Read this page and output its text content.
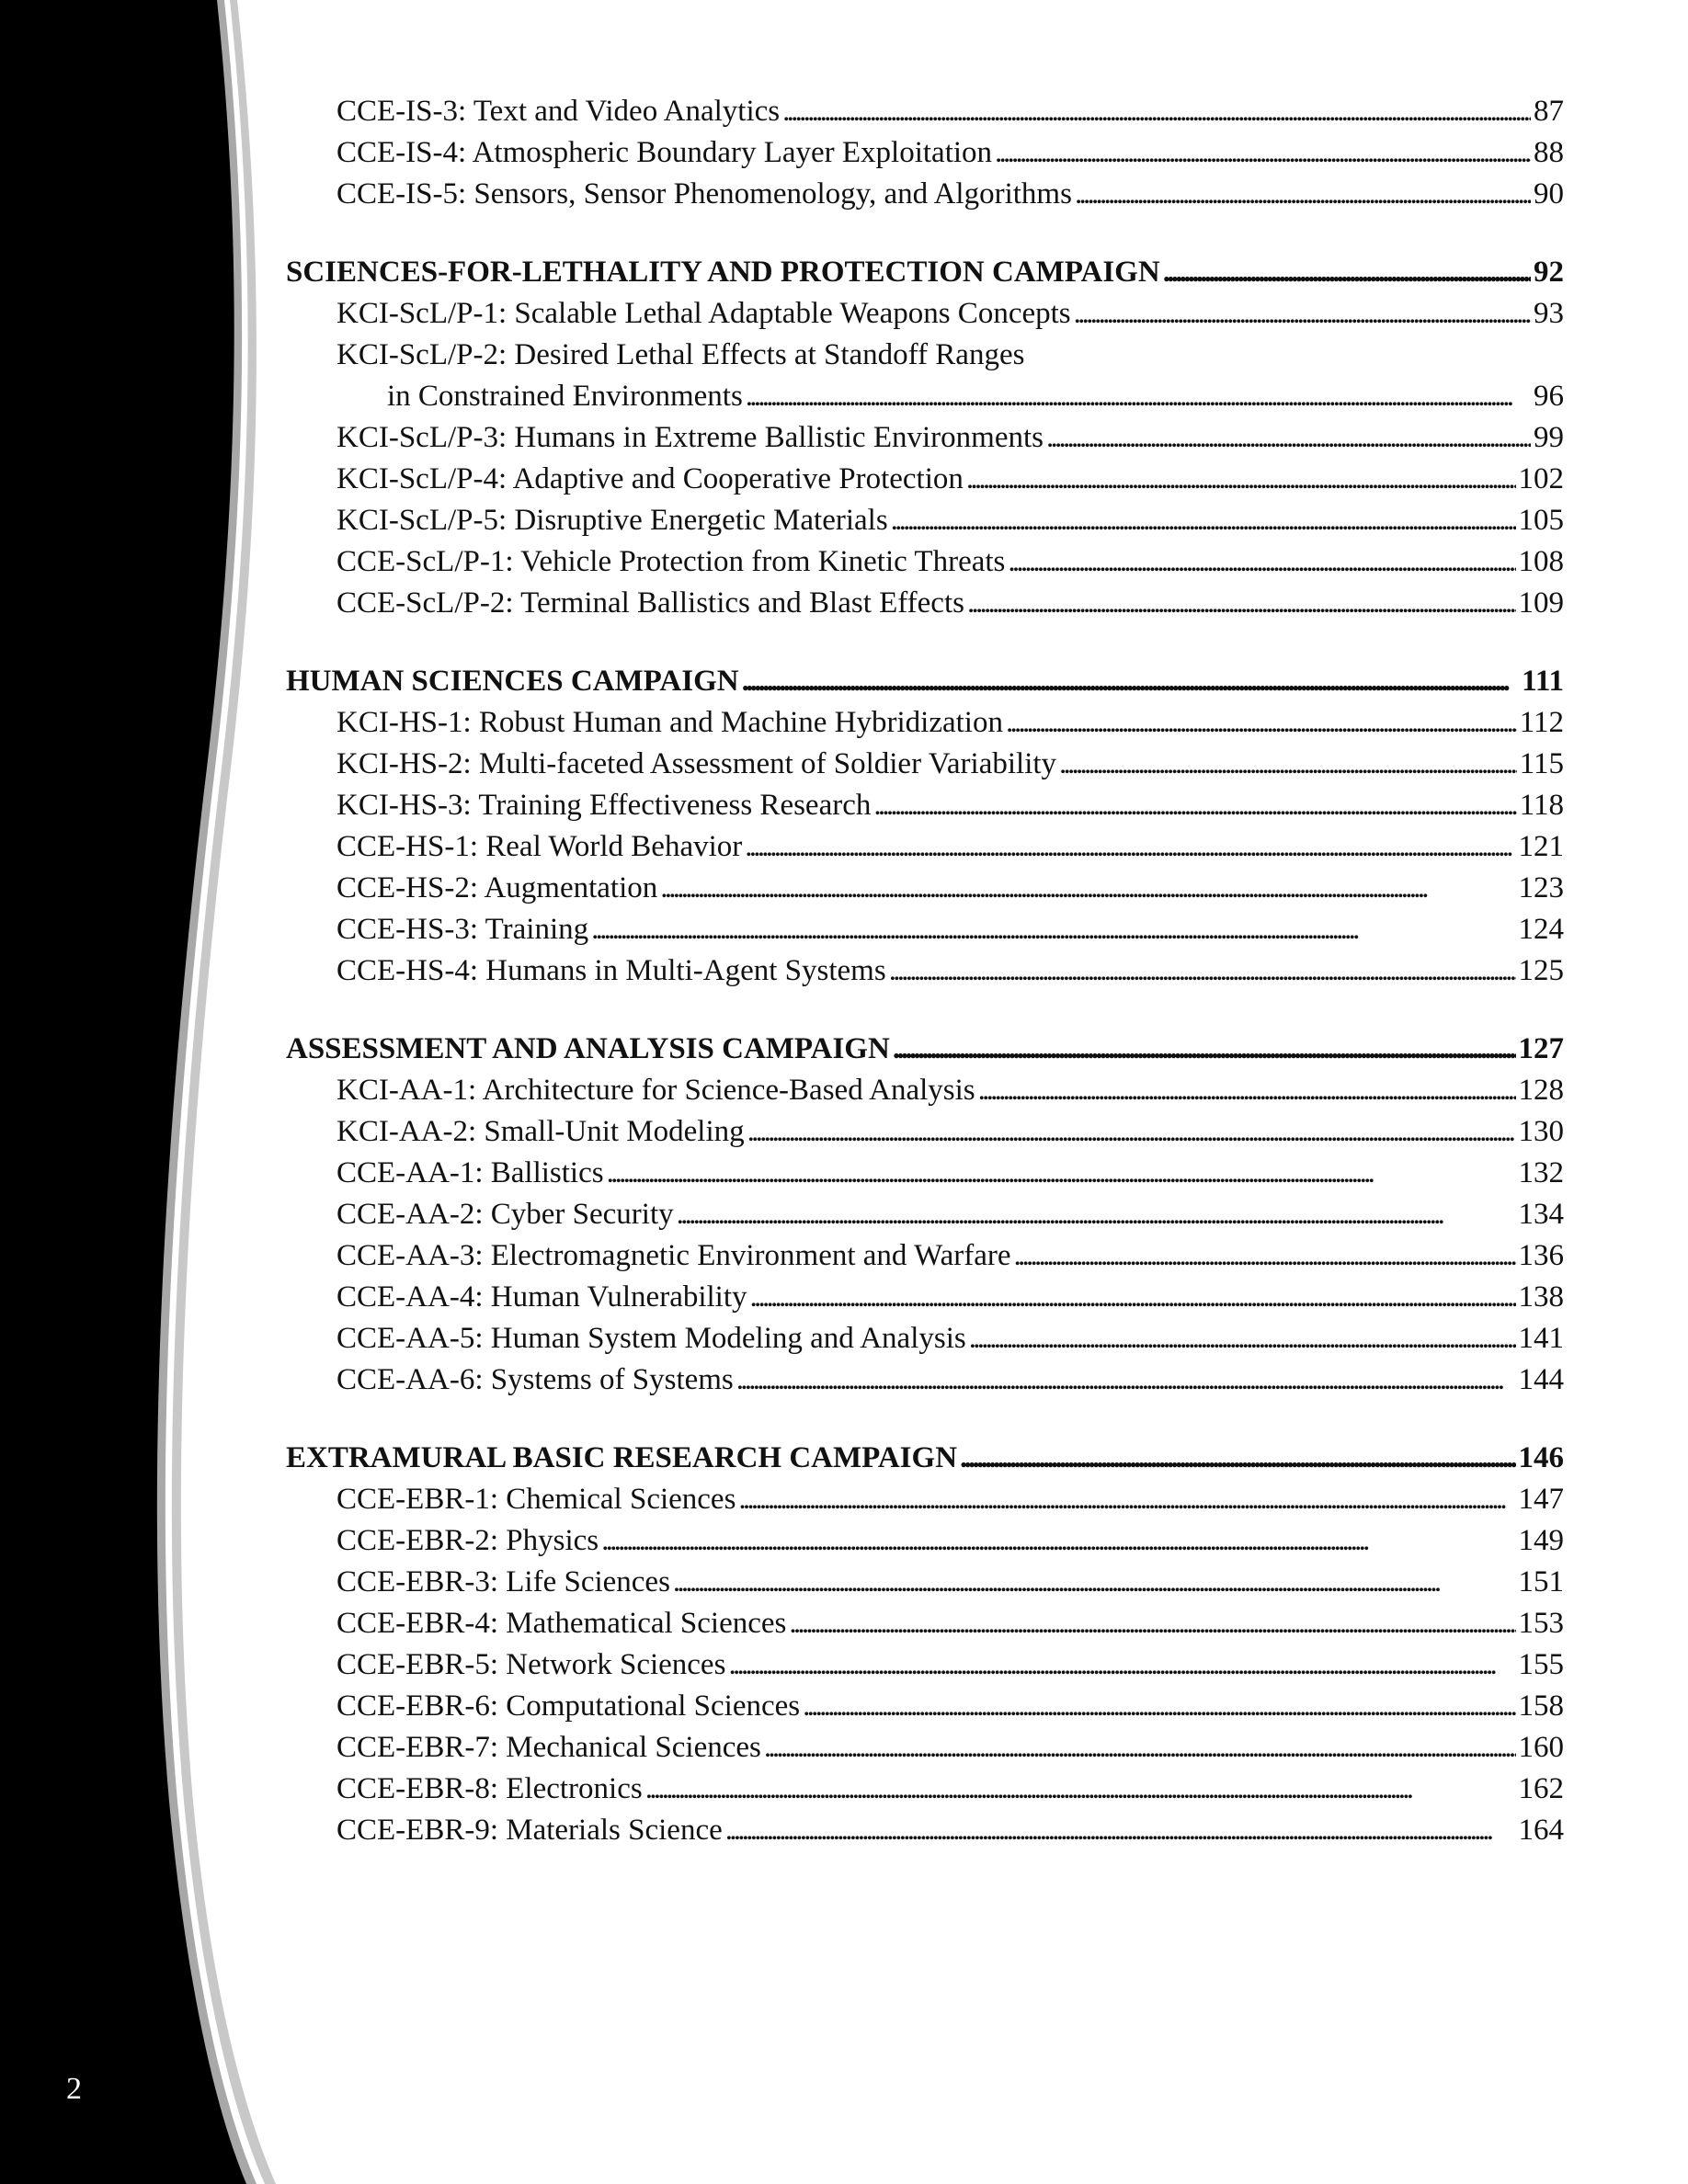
2
CCE-IS-3: Text and Video Analytics . . .	87
CCE-IS-4: Atmospheric Boundary Layer Exploitation . . .	88
CCE-IS-5: Sensors, Sensor Phenomenology, and Algorithms . . .	90
SCIENCES-FOR-LETHALITY AND PROTECTION CAMPAIGN . . .	92
KCI-ScL/P-1: Scalable Lethal Adaptable Weapons Concepts . . .	93
KCI-ScL/P-2: Desired Lethal Effects at Standoff Ranges
in Constrained Environments . . .	96
KCI-ScL/P-3: Humans in Extreme Ballistic Environments . . .	99
KCI-ScL/P-4: Adaptive and Cooperative Protection . . .	102
KCI-ScL/P-5: Disruptive Energetic Materials . . .	105
CCE-ScL/P-1: Vehicle Protection from Kinetic Threats . . .	108
CCE-ScL/P-2: Terminal Ballistics and Blast Effects . . .	109
HUMAN SCIENCES CAMPAIGN . . .	111
KCI-HS-1: Robust Human and Machine Hybridization . . .	112
KCI-HS-2: Multi-faceted Assessment of Soldier Variability . . .	115
KCI-HS-3: Training Effectiveness Research . . .	118
CCE-HS-1: Real World Behavior . . .	121
CCE-HS-2: Augmentation . . .	123
CCE-HS-3: Training . . .	124
CCE-HS-4: Humans in Multi-Agent Systems . . .	125
ASSESSMENT AND ANALYSIS CAMPAIGN . . .	127
KCI-AA-1: Architecture for Science-Based Analysis . . .	128
KCI-AA-2: Small-Unit Modeling . . .	130
CCE-AA-1: Ballistics . . .	132
CCE-AA-2: Cyber Security . . .	134
CCE-AA-3: Electromagnetic Environment and Warfare . . .	136
CCE-AA-4: Human Vulnerability . . .	138
CCE-AA-5: Human System Modeling and Analysis . . .	141
CCE-AA-6: Systems of Systems . . .	144
EXTRAMURAL BASIC RESEARCH CAMPAIGN . . .	146
CCE-EBR-1: Chemical Sciences . . .	147
CCE-EBR-2: Physics . . .	149
CCE-EBR-3: Life Sciences . . .	151
CCE-EBR-4: Mathematical Sciences . . .	153
CCE-EBR-5: Network Sciences . . .	155
CCE-EBR-6: Computational Sciences . . .	158
CCE-EBR-7: Mechanical Sciences . . .	160
CCE-EBR-8: Electronics . . .	162
CCE-EBR-9: Materials Science . . .	164
